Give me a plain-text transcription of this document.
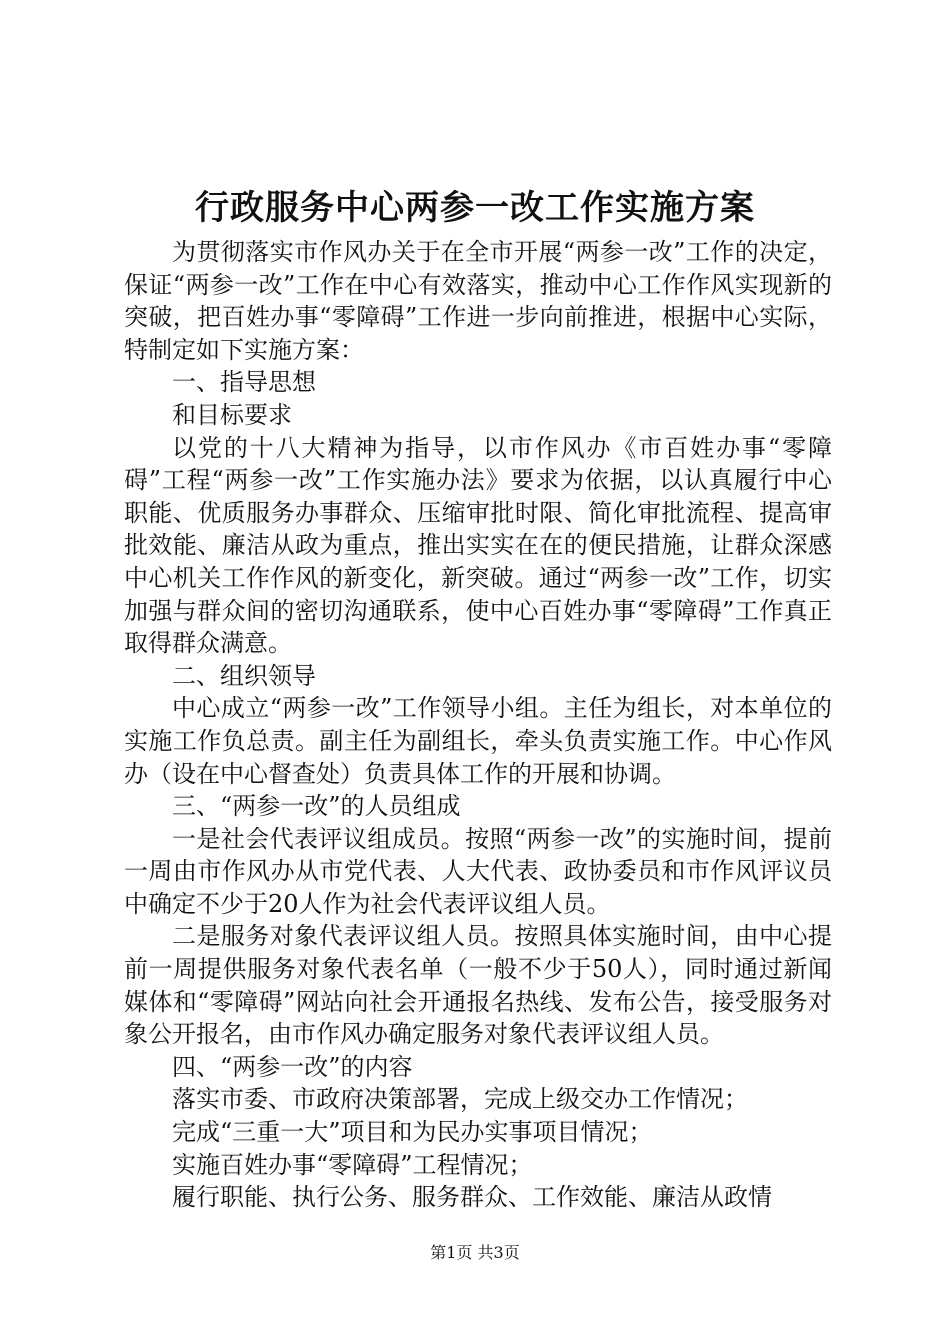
行政服务中心两参一改工作实施方案

为贯彻落实市作风办关于在全市开展“两参一改”工作的决定，保证“两参一改”工作在中心有效落实，推动中心工作作风实现新的突破，把百姓办事“零障碍”工作进一步向前推进，根据中心实际，特制定如下实施方案：

一、指导思想

和目标要求

以党的十八大精神为指导，以市作风办《市百姓办事“零障碍”工程“两参一改”工作实施办法》要求为依据，以认真履行中心职能、优质服务办事群众、压缩审批时限、简化审批流程、提高审批效能、廉洁从政为重点，推出实实在在的便民措施，让群众深感中心机关工作作风的新变化，新突破。通过“两参一改”工作，切实加强与群众间的密切沟通联系，使中心百姓办事“零障碍”工作真正取得群众满意。

二、组织领导

中心成立“两参一改”工作领导小组。主任为组长，对本单位的实施工作负总责。副主任为副组长，牵头负责实施工作。中心作风办（设在中心督查处）负责具体工作的开展和协调。

三、“两参一改”的人员组成

一是社会代表评议组成员。按照“两参一改”的实施时间，提前一周由市作风办从市党代表、人大代表、政协委员和市作风评议员中确定不少于20人作为社会代表评议组人员。

二是服务对象代表评议组人员。按照具体实施时间，由中心提前一周提供服务对象代表名单（一般不少于50人），同时通过新闻媒体和“零障碍”网站向社会开通报名热线、发布公告，接受服务对象公开报名，由市作风办确定服务对象代表评议组人员。

四、“两参一改”的内容

落实市委、市政府决策部署，完成上级交办工作情况；

完成“三重一大”项目和为民办实事项目情况；

实施百姓办事“零障碍”工程情况；

履行职能、执行公务、服务群众、工作效能、廉洁从政情

第1页 共3页
